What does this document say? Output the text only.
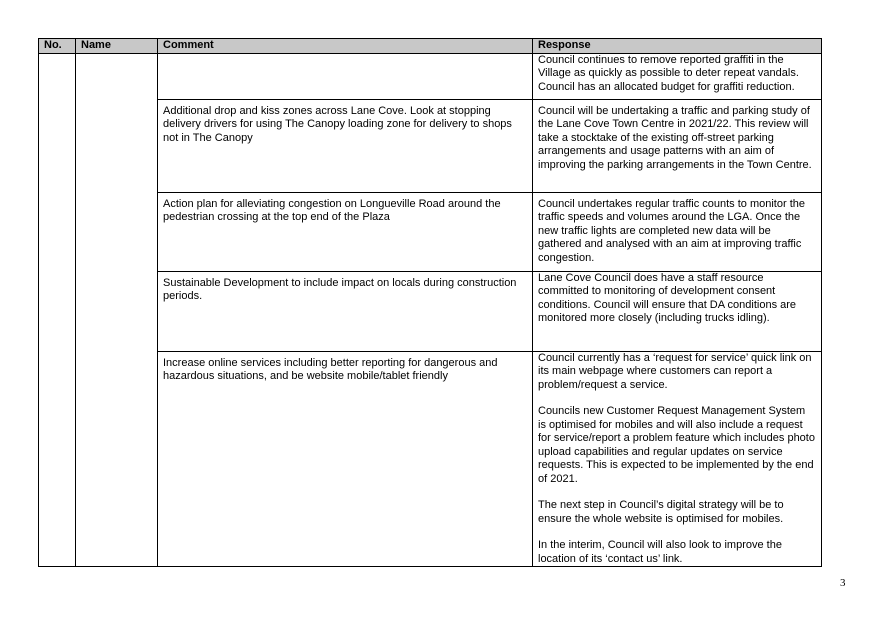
No.	Name	Comment	Response

			Council continues to remove reported graffiti in the Village as quickly as possible to deter repeat vandals. Council has an allocated budget for graffiti reduction.

		Additional drop and kiss zones across Lane Cove. Look at stopping delivery drivers for using The Canopy loading zone for delivery to shops not in The Canopy	Council will be undertaking a traffic and parking study of the Lane Cove Town Centre in 2021/22. This review will take a stocktake of the existing off-street parking arrangements and usage patterns with an aim of improving the parking arrangements in the Town Centre.

		Action plan for alleviating congestion on Longueville Road around the pedestrian crossing at the top end of the Plaza	Council undertakes regular traffic counts to monitor the traffic speeds and volumes around the LGA. Once the new traffic lights are completed new data will be gathered and analysed with an aim at improving traffic congestion.

		Sustainable Development to include impact on locals during construction periods.	Lane Cove Council does have a staff resource committed to monitoring of development consent conditions. Council will ensure that DA conditions are monitored more closely (including trucks idling).

		Increase online services including better reporting for dangerous and hazardous situations, and be website mobile/tablet friendly	Council currently has a ‘request for service’ quick link on its main webpage where customers can report a problem/request a service.

Councils new Customer Request Management System is optimised for mobiles and will also include a request for service/report a problem feature which includes photo upload capabilities and regular updates on service requests. This is expected to be implemented by the end of 2021.

The next step in Council’s digital strategy will be to ensure the whole website is optimised for mobiles.

In the interim, Council will also look to improve the location of its ‘contact us’ link.

3
